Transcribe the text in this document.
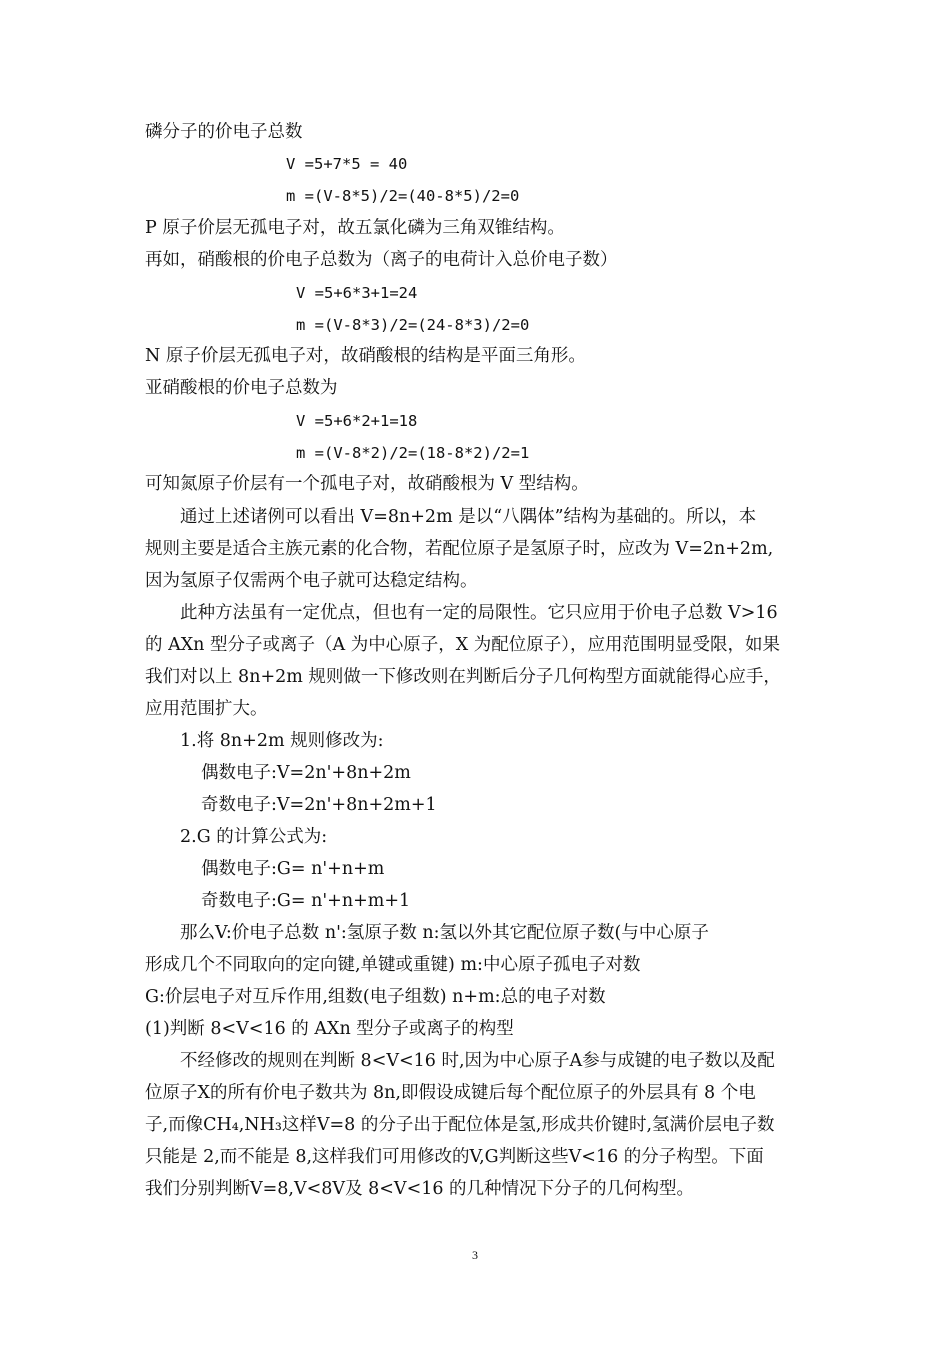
磷分子的价电子总数
V =5+7*5 = 40
m =(V-8*5)/2=(40-8*5)/2=0
P 原子价层无孤电子对，故五氯化磷为三角双锥结构。
再如，硝酸根的价电子总数为（离子的电荷计入总价电子数）
V =5+6*3+1=24
m =(V-8*3)/2=(24-8*3)/2=0
N 原子价层无孤电子对，故硝酸根的结构是平面三角形。
亚硝酸根的价电子总数为
V =5+6*2+1=18
m =(V-8*2)/2=(18-8*2)/2=1
可知氮原子价层有一个孤电子对，故硝酸根为 V 型结构。
通过上述诸例可以看出 V=8n+2m 是以“八隅体”结构为基础的。所以，本
规则主要是适合主族元素的化合物，若配位原子是氢原子时，应改为 V=2n+2m,
因为氢原子仅需两个电子就可达稳定结构。
此种方法虽有一定优点，但也有一定的局限性。它只应用于价电子总数 V>16
的 AXn 型分子或离子（A 为中心原子，X 为配位原子），应用范围明显受限，如果
我们对以上 8n+2m 规则做一下修改则在判断后分子几何构型方面就能得心应手，
应用范围扩大。
1.将 8n+2m 规则修改为:
偶数电子:V=2n'+8n+2m
奇数电子:V=2n'+8n+2m+1
2.G 的计算公式为:
偶数电子:G= n'+n+m
奇数电子:G= n'+n+m+1
那么V:价电子总数 n':氢原子数 n:氢以外其它配位原子数(与中心原子
形成几个不同取向的定向键,单键或重键) m:中心原子孤电子对数
G:价层电子对互斥作用,组数(电子组数) n+m:总的电子对数
(1)判断 8<V<16 的 AXn 型分子或离子的构型
不经修改的规则在判断 8<V<16 时,因为中心原子A参与成键的电子数以及配
位原子X的所有价电子数共为 8n,即假设成键后每个配位原子的外层具有 8 个电
子,而像CH₄,NH₃这样V=8 的分子出于配位体是氢,形成共价键时,氢满价层电子数
只能是 2,而不能是 8,这样我们可用修改的V,G判断这些V<16 的分子构型。下面
我们分别判断V=8,V<8V及 8<V<16 的几种情况下分子的几何构型。
3
